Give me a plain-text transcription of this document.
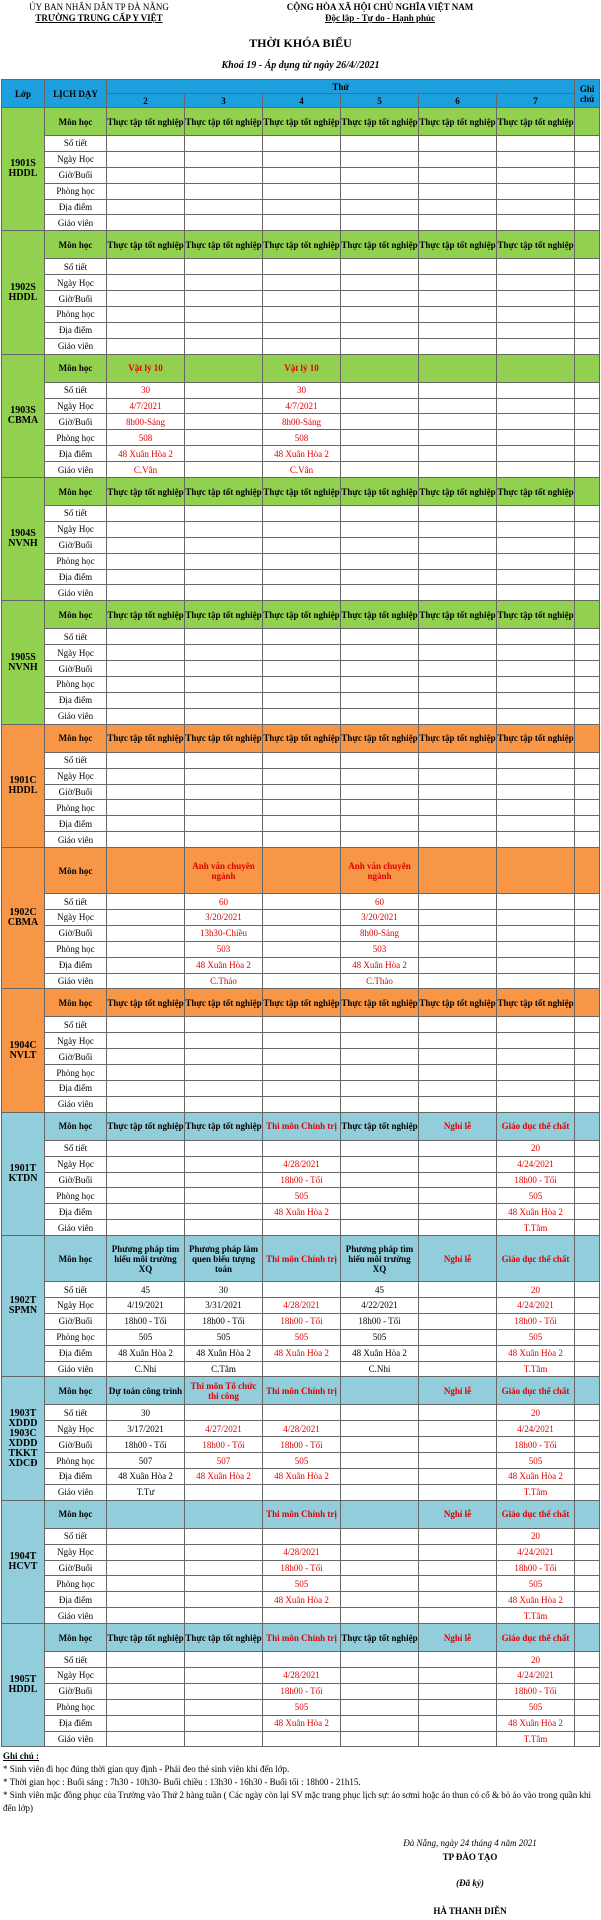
ỦY BAN NHÂN DÂN TP ĐÀ NẴNG
TRƯỜNG TRUNG CẤP Y VIỆT
CỘNG HÒA XÃ HỘI CHỦ NGHĨA VIỆT NAM
Độc lập - Tự do - Hạnh phúc
THỜI KHÓA BIỂU
Khoá 19 - Áp dụng từ ngày 26/4//2021
Lớp	LỊCH DẠY	Thứ						Ghi chú
		2	3	4	5	6	7	
1901S HDDL	Môn học	Thực tập tốt nghiệp	Thực tập tốt nghiệp	Thực tập tốt nghiệp	Thực tập tốt nghiệp	Thực tập tốt nghiệp	Thực tập tốt nghiệp	
	Số tiết							
	Ngày Học							
	Giờ/Buổi							
	Phòng học							
	Địa điểm							
	Giáo viên							
1902S HDDL	Môn học	Thực tập tốt nghiệp	Thực tập tốt nghiệp	Thực tập tốt nghiệp	Thực tập tốt nghiệp	Thực tập tốt nghiệp	Thực tập tốt nghiệp	
	Số tiết							
	Ngày Học							
	Giờ/Buổi							
	Phòng học							
	Địa điểm							
	Giáo viên							
1903S CBMA	Môn học	Vật lý 10		Vật lý 10				
	Số tiết	30		30				
	Ngày Học	4/7/2021		4/7/2021				
	Giờ/Buổi	8h00-Sáng		8h00-Sáng				
	Phòng học	508		508				
	Địa điểm	48 Xuân Hòa 2		48 Xuân Hòa 2				
	Giáo viên	C.Vân		C.Vân				
1904S NVNH	Môn học	Thực tập tốt nghiệp	Thực tập tốt nghiệp	Thực tập tốt nghiệp	Thực tập tốt nghiệp	Thực tập tốt nghiệp	Thực tập tốt nghiệp	
	Số tiết							
	Ngày Học							
	Giờ/Buổi							
	Phòng học							
	Địa điểm							
	Giáo viên							
1905S NVNH	Môn học	Thực tập tốt nghiệp	Thực tập tốt nghiệp	Thực tập tốt nghiệp	Thực tập tốt nghiệp	Thực tập tốt nghiệp	Thực tập tốt nghiệp	
	Số tiết							
	Ngày Học							
	Giờ/Buổi							
	Phòng học							
	Địa điểm							
	Giáo viên							
1901C HDDL	Môn học	Thực tập tốt nghiệp	Thực tập tốt nghiệp	Thực tập tốt nghiệp	Thực tập tốt nghiệp	Thực tập tốt nghiệp	Thực tập tốt nghiệp	
	Số tiết							
	Ngày Học							
	Giờ/Buổi							
	Phòng học							
	Địa điểm							
	Giáo viên							
1902C CBMA	Môn học		Anh văn chuyên ngành		Anh văn chuyên ngành			
	Số tiết		60		60			
	Ngày Học		3/20/2021		3/20/2021			
	Giờ/Buổi		13h30-Chiều		8h00-Sáng			
	Phòng học		503		503			
	Địa điểm		48 Xuân Hòa 2		48 Xuân Hòa 2			
	Giáo viên		C.Thảo		C.Thảo			
1904C NVLT	Môn học	Thực tập tốt nghiệp	Thực tập tốt nghiệp	Thực tập tốt nghiệp	Thực tập tốt nghiệp	Thực tập tốt nghiệp	Thực tập tốt nghiệp	
	Số tiết							
	Ngày Học							
	Giờ/Buổi							
	Phòng học							
	Địa điểm							
	Giáo viên							
1901T KTDN	Môn học	Thực tập tốt nghiệp	Thực tập tốt nghiệp	Thi môn Chính trị	Thực tập tốt nghiệp	Nghỉ lễ	Giáo dục thể chất	
	Số tiết						20	
	Ngày Học			4/28/2021			4/24/2021	
	Giờ/Buổi			18h00 - Tối			18h00 - Tối	
	Phòng học			505			505	
	Địa điểm			48 Xuân Hòa 2			48 Xuân Hòa 2	
	Giáo viên						T.Tâm	
1902T SPMN	Môn học	Phương pháp tìm hiểu môi trường XQ	Phương pháp làm quen biểu tượng toán	Thi môn Chính trị	Phương pháp tìm hiểu môi trường XQ	Nghỉ lễ	Giáo dục thể chất	
	Số tiết	45	30		45		20	
	Ngày Học	4/19/2021	3/31/2021	4/28/2021	4/22/2021		4/24/2021	
	Giờ/Buổi	18h00 - Tối	18h00 - Tối	18h00 - Tối	18h00 - Tối		18h00 - Tối	
	Phòng học	505	505	505	505		505	
	Địa điểm	48 Xuân Hòa 2	48 Xuân Hòa 2	48 Xuân Hòa 2	48 Xuân Hòa 2		48 Xuân Hòa 2	
	Giáo viên	C.Nhi	C.Tâm		C.Nhi		T.Tâm	
1903T XDDD 1903C XDDD TKKT XDCĐ	Môn học	Dự toán công trình	Thi môn Tổ chức thi công	Thi môn Chính trị		Nghỉ lễ	Giáo dục thể chất	
	Số tiết	30					20	
	Ngày Học	3/17/2021	4/27/2021	4/28/2021			4/24/2021	
	Giờ/Buổi	18h00 - Tối	18h00 - Tối	18h00 - Tối			18h00 - Tối	
	Phòng học	507	507	505			505	
	Địa điểm	48 Xuân Hòa 2	48 Xuân Hòa 2	48 Xuân Hòa 2			48 Xuân Hòa 2	
	Giáo viên	T.Tư					T.Tâm	
1904T HCVT	Môn học			Thi môn Chính trị		Nghỉ lễ	Giáo dục thể chất	
	Số tiết						20	
	Ngày Học			4/28/2021			4/24/2021	
	Giờ/Buổi			18h00 - Tối			18h00 - Tối	
	Phòng học			505			505	
	Địa điểm			48 Xuân Hòa 2			48 Xuân Hòa 2	
	Giáo viên						T.Tâm	
1905T HDDL	Môn học	Thực tập tốt nghiệp	Thực tập tốt nghiệp	Thi môn Chính trị	Thực tập tốt nghiệp	Nghỉ lễ	Giáo dục thể chất	
	Số tiết						20	
	Ngày Học			4/28/2021			4/24/2021	
	Giờ/Buổi			18h00 - Tối			18h00 - Tối	
	Phòng học			505			505	
	Địa điểm			48 Xuân Hòa 2			48 Xuân Hòa 2	
	Giáo viên						T.Tâm	
Ghi chú :
* Sinh viên đi học đúng thời gian quy định - Phải đeo thẻ sinh viên khi đến lớp.
* Thời gian học : Buổi sáng : 7h30 - 10h30- Buổi chiều : 13h30 - 16h30 - Buổi tối : 18h00 - 21h15.
* Sinh viên mặc đồng phục của Trường vào Thứ 2 hàng tuần ( Các ngày còn lại SV mặc trang phục lịch sự: áo sơmi hoặc áo thun có cổ & bỏ áo vào trong quần khi đến lớp)
Đà Nẵng, ngày 24 tháng 4 năm 2021
TP ĐÀO TẠO
(Đã ký)
HÀ THANH DIỄN
